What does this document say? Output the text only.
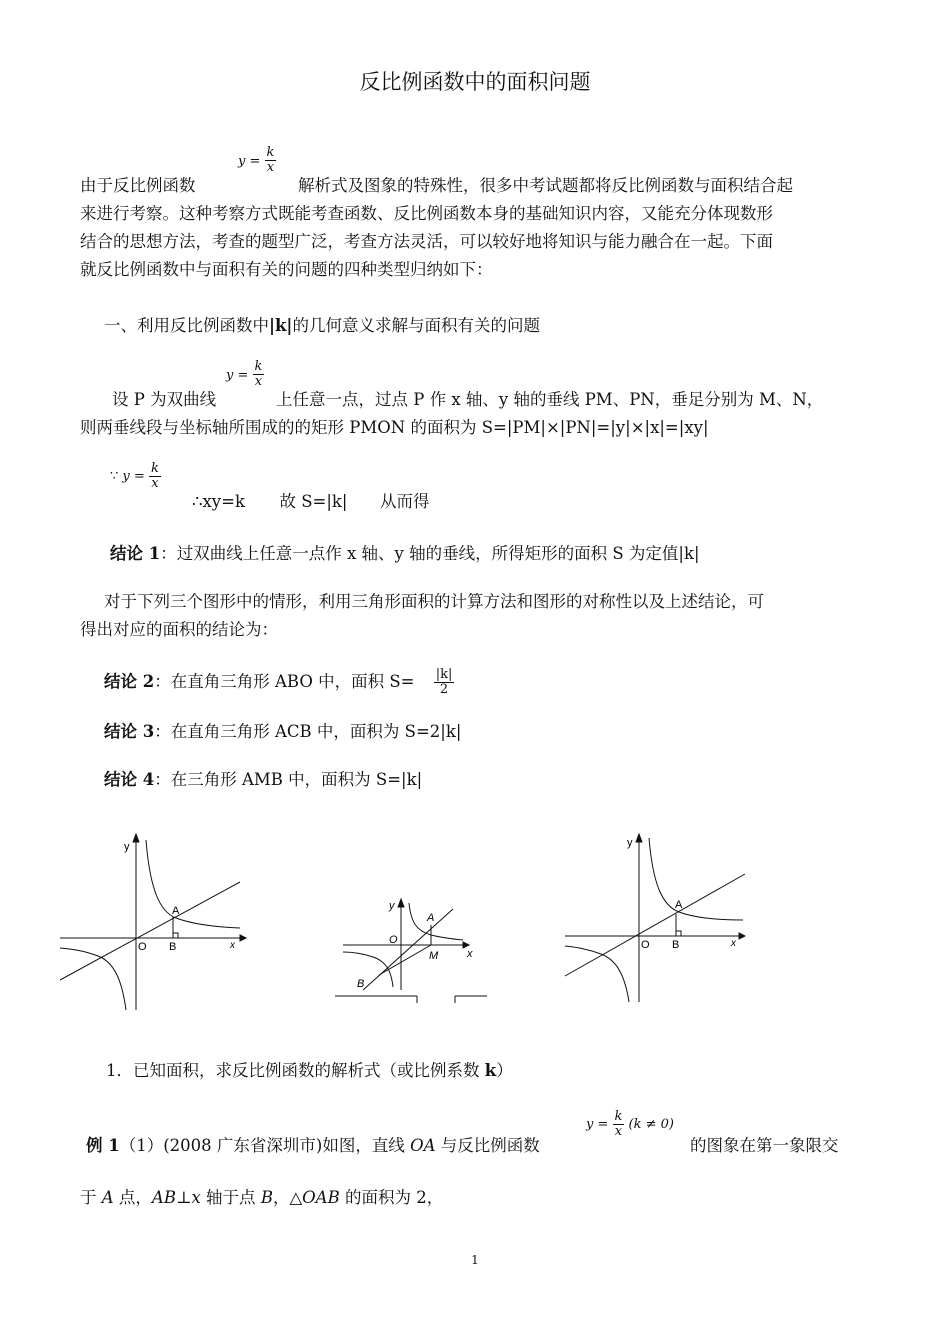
反比例函数中的面积问题
由于反比例函数
$y = \frac{k}{x}$
解析式及图象的特殊性，很多中考试题都将反比例函数与面积结合起
来进行考察。这种考察方式既能考查函数、反比例函数本身的基础知识内容，又能充分体现数形
结合的思想方法，考查的题型广泛，考查方法灵活，可以较好地将知识与能力融合在一起。下面
就反比例函数中与面积有关的问题的四种类型归纳如下：
一、利用反比例函数中|k|的几何意义求解与面积有关的问题
设 P 为双曲线
$y = \frac{k}{x}$
上任意一点，过点 P 作 x 轴、y 轴的垂线 PM、PN，垂足分别为 M、N，
则两垂线段与坐标轴所围成的的矩形 PMON 的面积为 S=|PM|×|PN|=|y|×|x|=|xy|
∵ $y = \frac{k}{x}$
∴xy=k 故 S=|k| 从而得
结论 1：过双曲线上任意一点作 x 轴、y 轴的垂线，所得矩形的面积 S 为定值|k|
对于下列三个图形中的情形，利用三角形面积的计算方法和图形的对称性以及上述结论，可
得出对应的面积的结论为：
结论 2：在直角三角形 ABO 中，面积 $S= \frac{|k|}{2}$
结论 3：在直角三角形 ACB 中，面积为 S=2|k|
结论 4：在三角形 AMB 中，面积为 S=|k|
y
x
O
A
B
y
x
O
A
B
M
y
x
O
A
B
1．已知面积，求反比例函数的解析式（或比例系数 k）
例 1（1）(2008 广东省深圳市)如图，直线 OA 与反比例函数
$y = \frac{k}{x} (k \ne 0)$
的图象在第一象限交
于 A 点，AB⊥x 轴于点 B，△OAB 的面积为 2，
1
